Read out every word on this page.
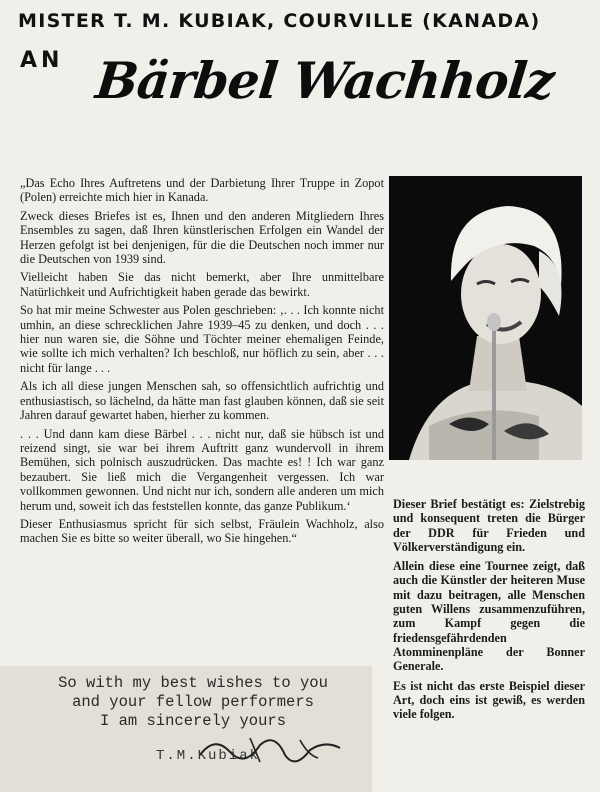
MISTER T. M. KUBIAK, COURVILLE (KANADA)
AN Bärbel Wachholz

„Das Echo Ihres Auftretens und der Darbietung Ihrer Truppe in Zopot (Polen) erreichte mich hier in Kanada.

Zweck dieses Briefes ist es, Ihnen und den anderen Mitgliedern Ihres Ensembles zu sagen, daß Ihren künstlerischen Erfolgen ein Wandel der Herzen gefolgt ist bei denjenigen, für die die Deutschen noch immer nur die Deutschen von 1939 sind.

Vielleicht haben Sie das nicht bemerkt, aber Ihre unmittelbare Natürlichkeit und Aufrichtigkeit haben gerade das bewirkt.

So hat mir meine Schwester aus Polen geschrieben: ‚. . . Ich konnte nicht umhin, an diese schrecklichen Jahre 1939–45 zu denken, und doch . . . hier nun waren sie, die Söhne und Töchter meiner ehemaligen Feinde, wie sollte ich mich verhalten? Ich beschloß, nur höflich zu sein, aber . . . nicht für lange . . .

Als ich all diese jungen Menschen sah, so offensichtlich aufrichtig und enthusiastisch, so lächelnd, da hätte man fast glauben können, daß sie seit Jahren darauf gewartet haben, hierher zu kommen.

. . . Und dann kam diese Bärbel . . . nicht nur, daß sie hübsch ist und reizend singt, sie war bei ihrem Auftritt ganz wundervoll in ihrem Bemühen, sich polnisch auszudrücken. Das machte es! ! Ich war ganz bezaubert. Sie ließ mich die Vergangenheit vergessen. Ich war vollkommen gewonnen. Und nicht nur ich, sondern alle anderen um mich herum und, soweit ich das feststellen konnte, das ganze Publikum.‘

Dieser Enthusiasmus spricht für sich selbst, Fräulein Wachholz, also machen Sie es bitte so weiter überall, wo Sie hingehen.“

Dieser Brief bestätigt es: Zielstrebig und konsequent treten die Bürger der DDR für Frieden und Völkerverständigung ein.

Allein diese eine Tournee zeigt, daß auch die Künstler der heiteren Muse mit dazu beitragen, alle Menschen guten Willens zusammenzuführen, zum Kampf gegen die friedensgefährdenden Atomminenpläne der Bonner Generale.

Es ist nicht das erste Beispiel dieser Art, doch eins ist gewiß, es werden viele folgen.

So with my best wishes to you
and your fellow performers
I am sincerely yours
T.M.Kubiak
